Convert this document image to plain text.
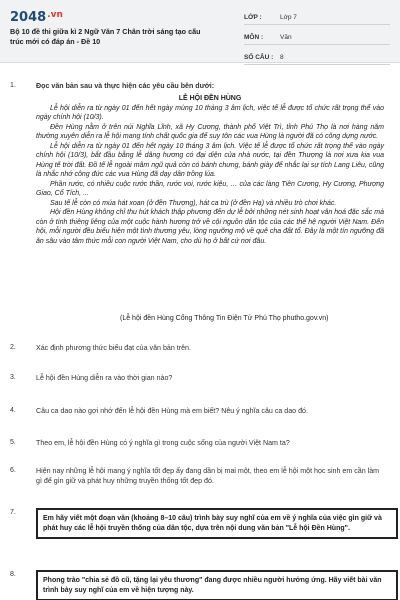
$2048^{.vn}$
Bộ 10 đề thi giữa kì 2 Ngữ Văn 7 Chân trời sáng tạo cấu trúc mới có đáp án - Đề 10
LỚP :	Lớp 7
MÔN :	Văn
SỐ CÂU :	8
1.	Đọc văn bản sau và thực hiện các yêu cầu bên dưới:

LỄ HỘI ĐỀN HÙNG

Lễ hội diễn ra từ ngày 01 đến hết ngày mùng 10 tháng 3 âm lịch, việc tế lễ được tổ chức rất trọng thể vào ngày chính hội (10/3).

Đền Hùng nằm ở trên núi Nghĩa Lĩnh, xã Hy Cương, thành phố Việt Trì, tỉnh Phú Thọ là nơi hàng năm thường xuyên diễn ra lễ hội mang tính chất quốc gia để suy tôn các vua Hùng là người đã có công dựng nước.

Lễ hội diễn ra từ ngày 01 đến hết ngày 10 tháng 3 âm lịch. Việc tế lễ được tổ chức rất trọng thể vào ngày chính hội (10/3), bắt đầu bằng lễ dâng hương có đại diện của nhà nước, tại đền Thượng là nơi xưa kia vua Hùng tế trời đất. Đồ tế lễ ngoài mâm ngũ quả còn có bánh chưng, bánh giày để nhắc lại sự tích Lang Liêu, cũng là nhắc nhớ công đức các vua Hùng đã dạy dân trồng lúa.

Phần rước, có nhiều cuộc rước thần, rước voi, rước kiệu, … của các làng Tiên Cương, Hy Cương, Phượng Giao, Cổ Tích, ...

Sau tế lễ còn có múa hát xoan (ở đền Thượng), hát ca trù (ở đền Hạ) và nhiều trò chơi khác.

Hội đền Hùng không chỉ thu hút khách thập phương đến dự lễ bởi những nét sinh hoạt văn hoá đặc sắc mà còn ở tính thiêng liêng của một cuộc hành hương trở về cội nguồn dân tộc của các thế hệ người Việt Nam. Đến hội, mỗi người đều biểu hiện một tình thương yêu, lòng ngưỡng mộ về quê cha đất tổ. Đây là một tín ngưỡng đã ăn sâu vào tâm thức mỗi con người Việt Nam, cho dù họ ở bất cứ nơi đâu.

(Lễ hội đền Hùng Cổng Thông Tin Điện Tử Phú Thọ phutho.gov.vn)
2.	Xác định phương thức biểu đạt của văn bản trên.
3.	Lễ hội đền Hùng diễn ra vào thời gian nào?
4.	Câu ca dao nào gợi nhớ đến lễ hội đền Hùng mà em biết? Nêu ý nghĩa câu ca dao đó.
5.	Theo em, lễ hội đền Hùng có ý nghĩa gì trong cuộc sống của người Việt Nam ta?
6.	Hiện nay những lễ hội mang ý nghĩa tốt đẹp ấy đang dần bị mai một, theo em lễ hội một học sinh em cần làm gì để gìn giữ và phát huy những truyền thống tốt đẹp đó.
7.
Em hãy viết một đoạn văn (khoảng 8–10 câu) trình bày suy nghĩ của em về ý nghĩa của việc gìn giữ và phát huy các lễ hội truyền thống của dân tộc, dựa trên nội dung văn bản "Lễ hội Đền Hùng".
8.
Phong trào "chia sẻ đồ cũ, tặng lại yêu thương" đang được nhiều người hưởng ứng. Hãy viết bài văn trình bày suy nghĩ của em về hiện tượng này.
